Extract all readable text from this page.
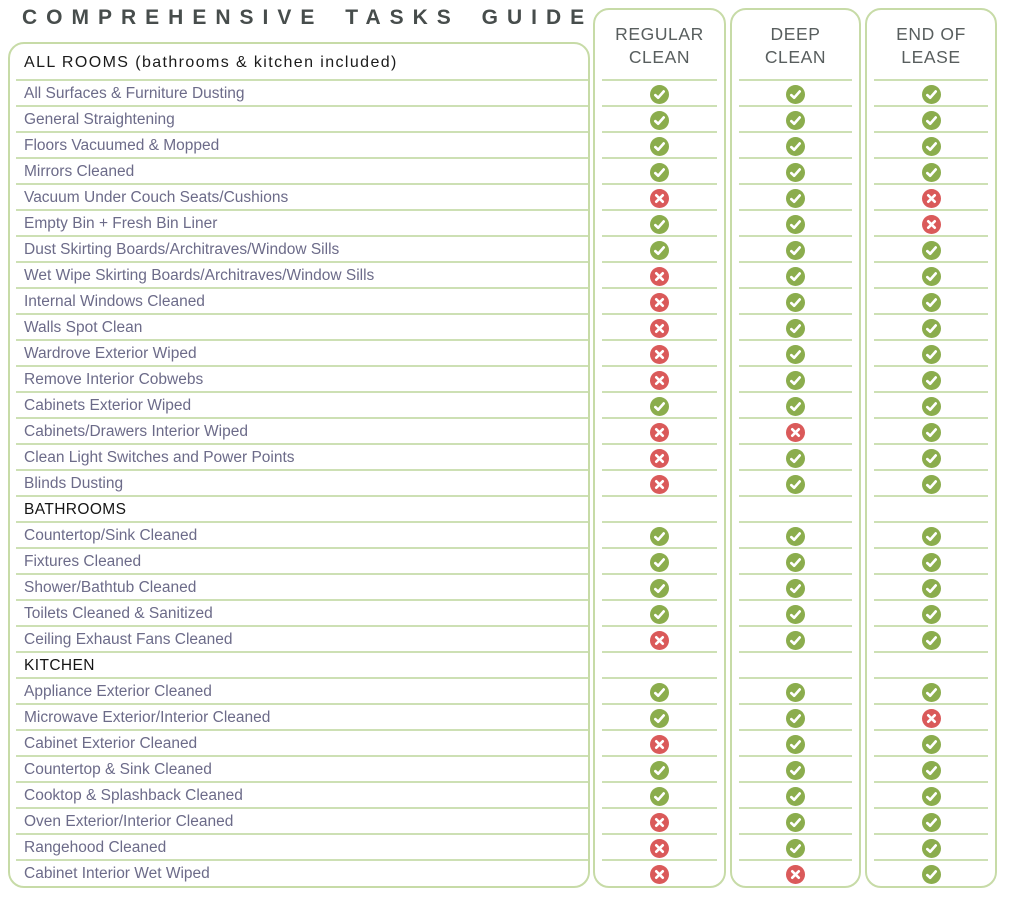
COMPREHENSIVE TASKS GUIDE
ALL ROOMS (bathrooms & kitchen included)
All Surfaces & Furniture Dusting
General Straightening
Floors Vacuumed & Mopped
Mirrors Cleaned
Vacuum Under Couch Seats/Cushions
Empty Bin + Fresh Bin Liner
Dust Skirting Boards/Architraves/Window Sills
Wet Wipe Skirting Boards/Architraves/Window Sills
Internal Windows Cleaned
Walls Spot Clean
Wardrove Exterior Wiped
Remove Interior Cobwebs
Cabinets Exterior Wiped
Cabinets/Drawers Interior Wiped
Clean Light Switches and Power Points
Blinds Dusting
BATHROOMS
Countertop/Sink Cleaned
Fixtures Cleaned
Shower/Bathtub Cleaned
Toilets Cleaned & Sanitized
Ceiling Exhaust Fans Cleaned
KITCHEN
Appliance Exterior Cleaned
Microwave Exterior/Interior Cleaned
Cabinet Exterior Cleaned
Countertop & Sink Cleaned
Cooktop & Splashback Cleaned
Oven Exterior/Interior Cleaned
Rangehood Cleaned
Cabinet Interior Wet Wiped
REGULAR
CLEAN
DEEP
CLEAN
END OF
LEASE
